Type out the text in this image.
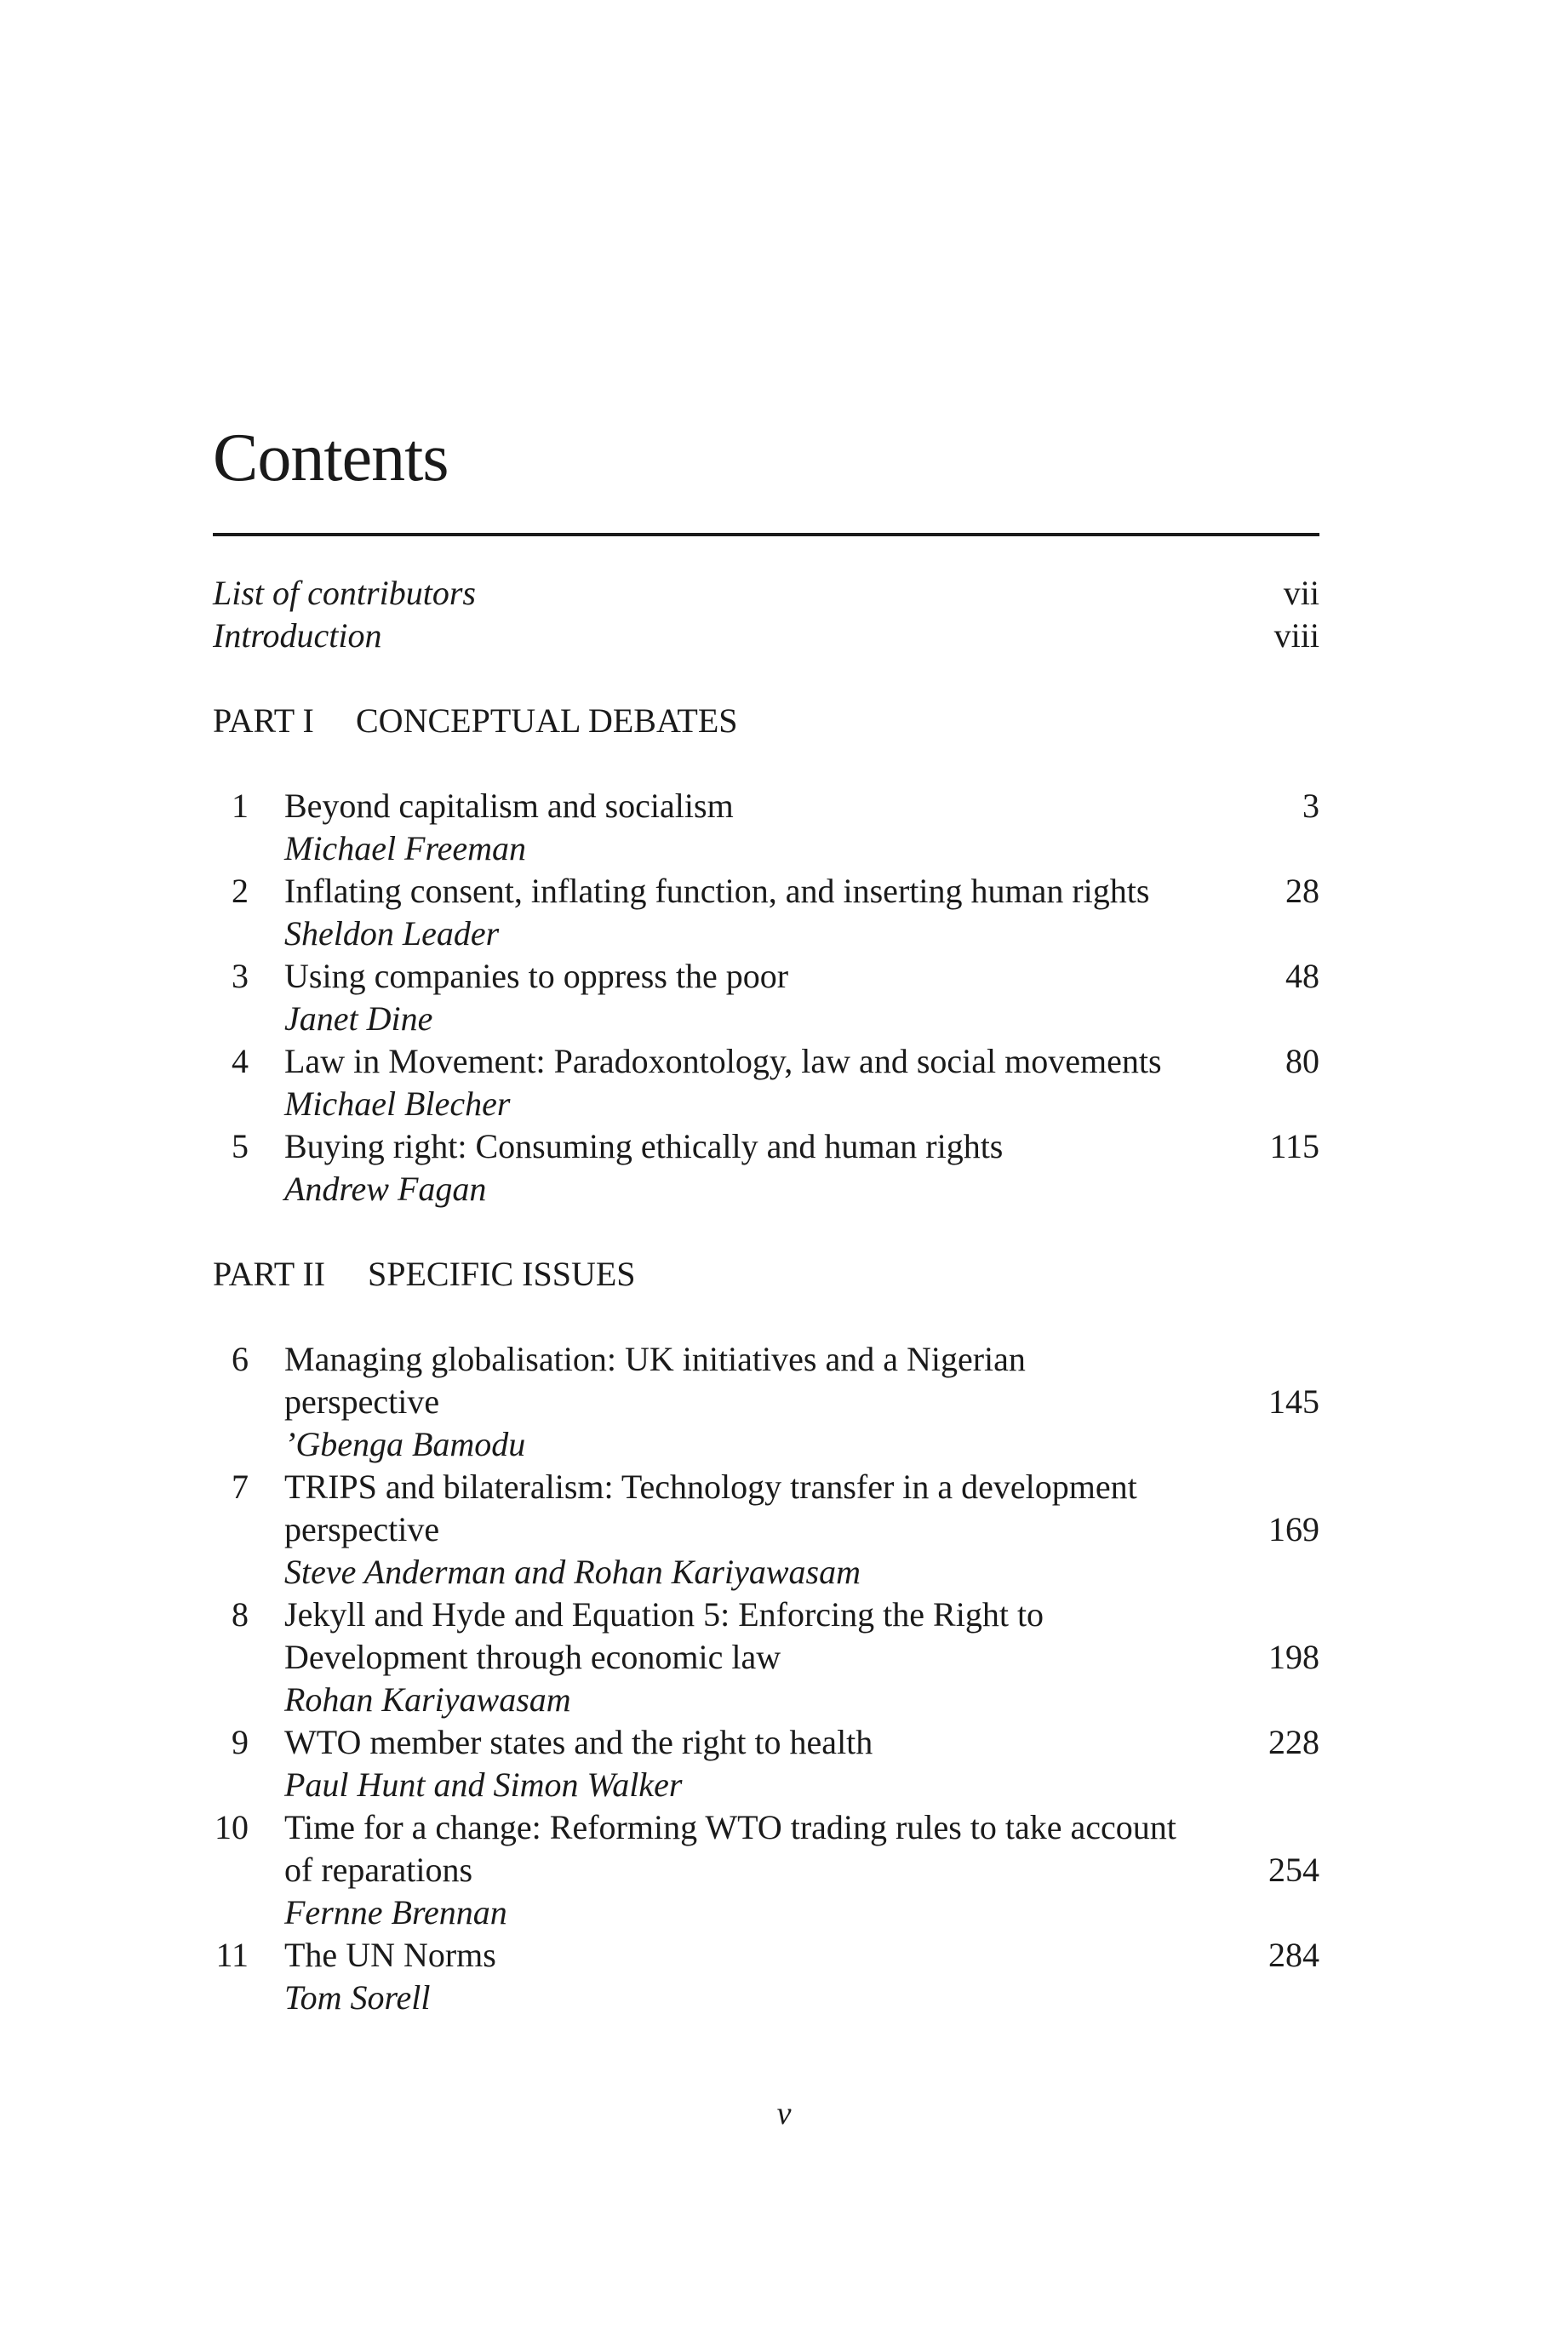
Contents
List of contributors	vii
Introduction	viii
PART I CONCEPTUAL DEBATES
1 Beyond capitalism and socialism	3
Michael Freeman
2 Inflating consent, inflating function, and inserting human rights	28
Sheldon Leader
3 Using companies to oppress the poor	48
Janet Dine
4 Law in Movement: Paradoxontology, law and social movements	80
Michael Blecher
5 Buying right: Consuming ethically and human rights	115
Andrew Fagan
PART II SPECIFIC ISSUES
6 Managing globalisation: UK initiatives and a Nigerian
perspective	145
’Gbenga Bamodu
7 TRIPS and bilateralism: Technology transfer in a development
perspective	169
Steve Anderman and Rohan Kariyawasam
8 Jekyll and Hyde and Equation 5: Enforcing the Right to
Development through economic law	198
Rohan Kariyawasam
9 WTO member states and the right to health	228
Paul Hunt and Simon Walker
10 Time for a change: Reforming WTO trading rules to take account
of reparations	254
Fernne Brennan
11 The UN Norms	284
Tom Sorell
v
